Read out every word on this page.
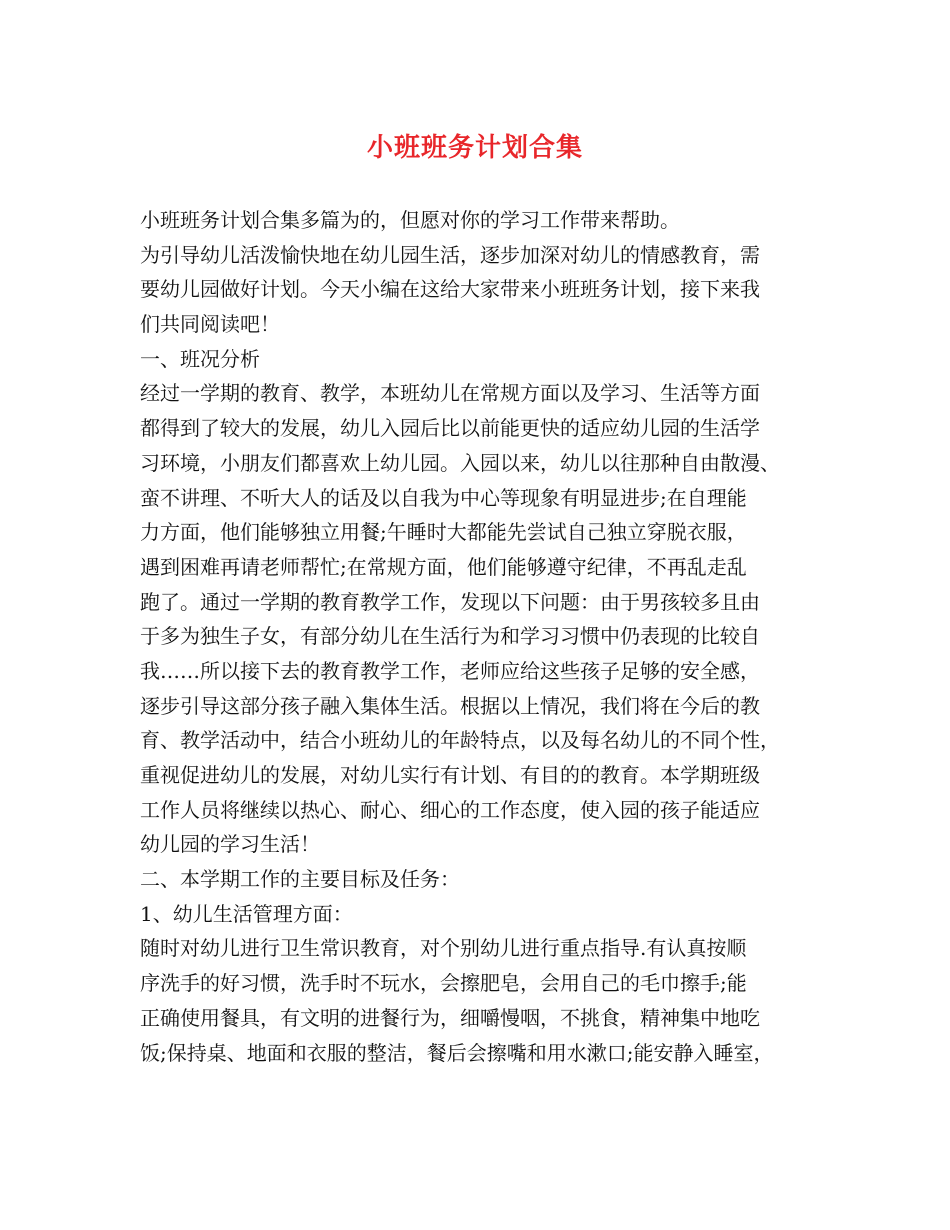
小班班务计划合集
小班班务计划合集多篇为的，但愿对你的学习工作带来帮助。
为引导幼儿活泼愉快地在幼儿园生活，逐步加深对幼儿的情感教育，需
要幼儿园做好计划。今天小编在这给大家带来小班班务计划，接下来我
们共同阅读吧！
一、班况分析
经过一学期的教育、教学，本班幼儿在常规方面以及学习、生活等方面
都得到了较大的发展，幼儿入园后比以前能更快的适应幼儿园的生活学
习环境，小朋友们都喜欢上幼儿园。入园以来，幼儿以往那种自由散漫、
蛮不讲理、不听大人的话及以自我为中心等现象有明显进步;在自理能
力方面，他们能够独立用餐;午睡时大都能先尝试自己独立穿脱衣服，
遇到困难再请老师帮忙;在常规方面，他们能够遵守纪律，不再乱走乱
跑了。通过一学期的教育教学工作，发现以下问题：由于男孩较多且由
于多为独生子女，有部分幼儿在生活行为和学习习惯中仍表现的比较自
我……所以接下去的教育教学工作，老师应给这些孩子足够的安全感，
逐步引导这部分孩子融入集体生活。根据以上情况，我们将在今后的教
育、教学活动中，结合小班幼儿的年龄特点，以及每名幼儿的不同个性，
重视促进幼儿的发展，对幼儿实行有计划、有目的的教育。本学期班级
工作人员将继续以热心、耐心、细心的工作态度，使入园的孩子能适应
幼儿园的学习生活！
二、本学期工作的主要目标及任务：
1、幼儿生活管理方面：
随时对幼儿进行卫生常识教育，对个别幼儿进行重点指导.有认真按顺
序洗手的好习惯，洗手时不玩水，会擦肥皂，会用自己的毛巾擦手;能
正确使用餐具，有文明的进餐行为，细嚼慢咽，不挑食，精神集中地吃
饭;保持桌、地面和衣服的整洁，餐后会擦嘴和用水漱口;能安静入睡室，
